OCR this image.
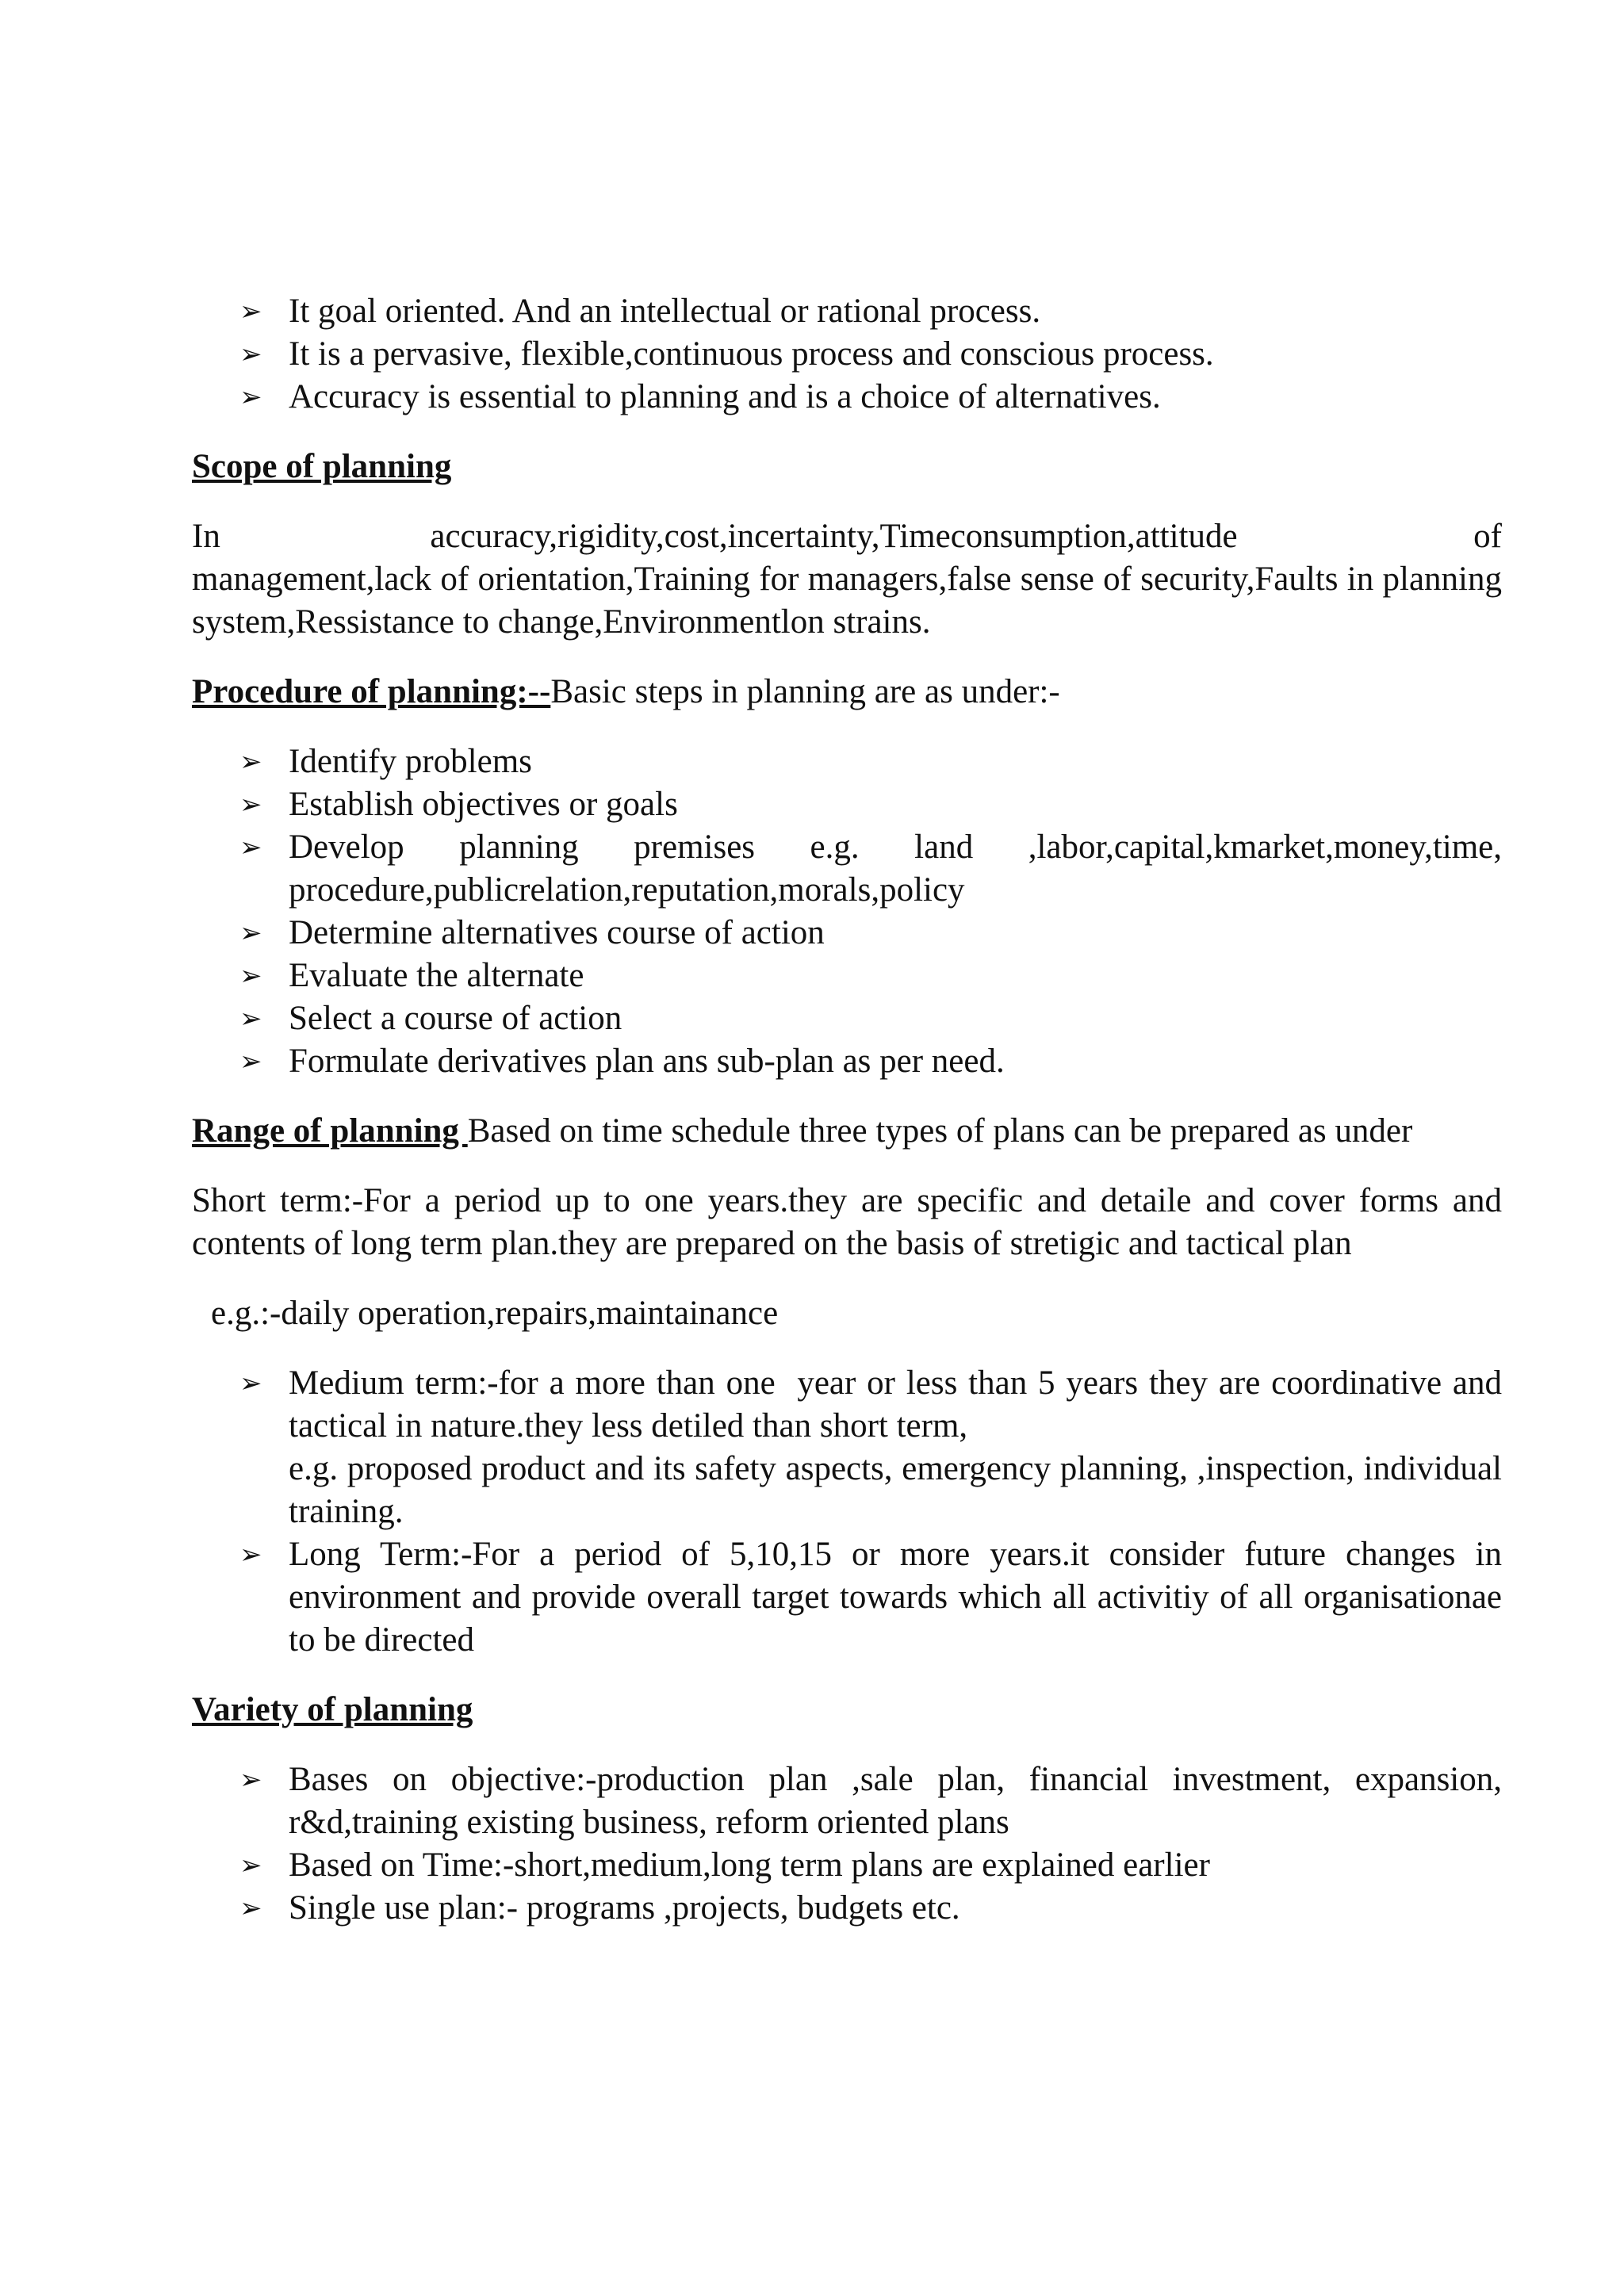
➢ It goal oriented. And an intellectual or rational process.
➢ It is a pervasive, flexible,continuous process and conscious process.
➢ Accuracy is essential to planning and is a choice of alternatives.

Scope of planning

In                accuracy,rigidity,cost,incertainty,Timeconsumption,attitude                  of
management,lack of orientation,Training for managers,false sense of security,Faults in planning system,Ressistance to change,Environmentlon strains.

Procedure of planning:--Basic steps in planning are as under:-

➢ Identify problems
➢ Establish objectives or goals
➢ Develop planning premises e.g. land ,labor,capital,kmarket,money,time, procedure,publicrelation,reputation,morals,policy
➢ Determine alternatives course of action
➢ Evaluate the alternate
➢ Select a course of action
➢ Formulate derivatives plan ans sub-plan as per need.

Range of planning Based on time schedule three types of plans can be prepared as under

Short term:-For a period up to one years.they are specific and detaile and cover forms and contents of long term plan.they are prepared on the basis of stretigic and tactical plan

e.g.:-daily operation,repairs,maintainance

➢ Medium term:-for a more than one  year or less than 5 years they are coordinative and tactical in nature.they less detiled than short term,
e.g. proposed product and its safety aspects, emergency planning, ,inspection, individual training.
➢ Long Term:-For a period of 5,10,15 or more years.it consider future changes in environment and provide overall target towards which all activitiy of all organisationae to be directed

Variety of planning

➢ Bases on objective:-production plan ,sale plan, financial investment, expansion, r&d,training existing business, reform oriented plans
➢ Based on Time:-short,medium,long term plans are explained earlier
➢ Single use plan:- programs ,projects, budgets etc.
